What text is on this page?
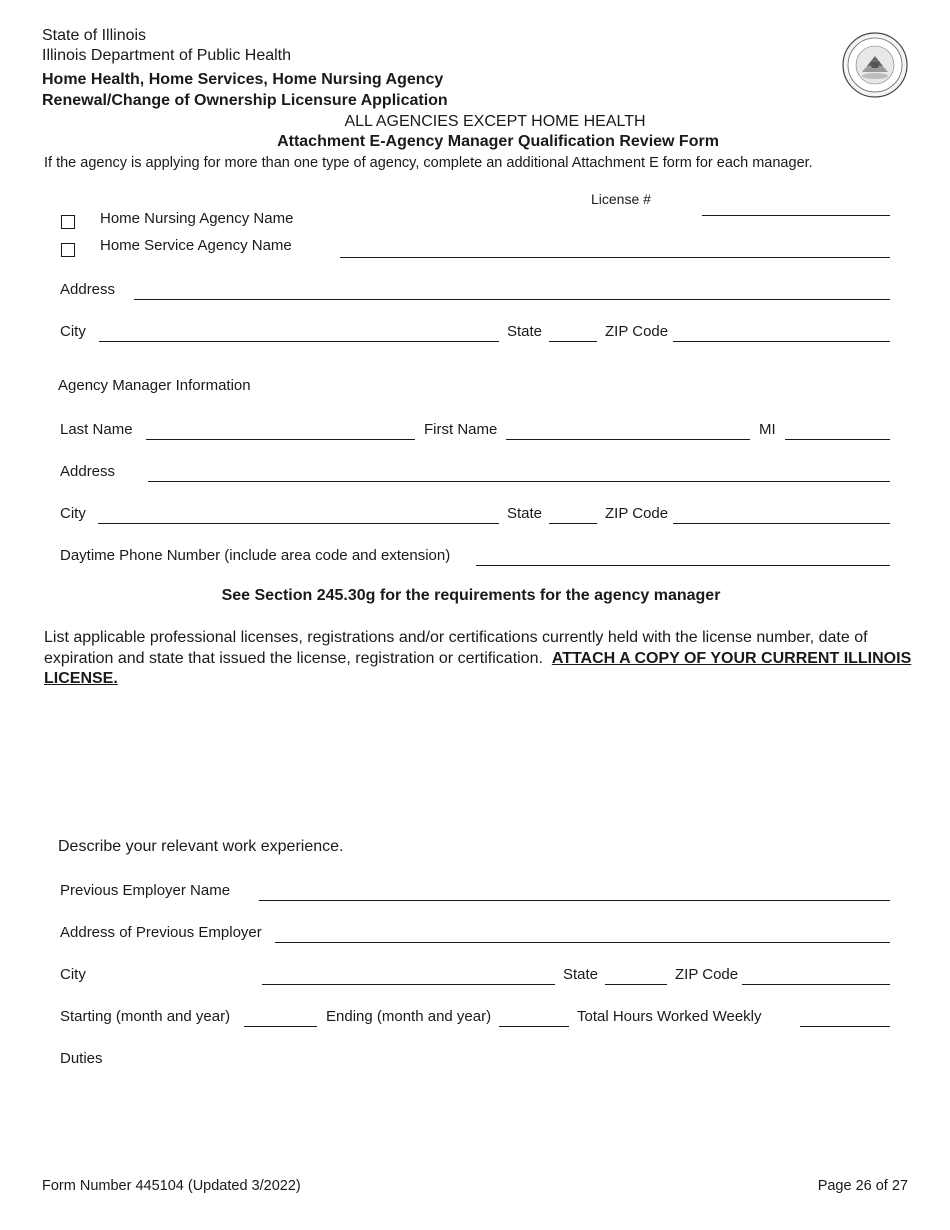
State of Illinois
Illinois Department of Public Health
Home Health, Home Services, Home Nursing Agency
Renewal/Change of Ownership Licensure Application
ALL AGENCIES EXCEPT HOME HEALTH
Attachment E-Agency Manager Qualification Review Form
If the agency is applying for more than one type of agency, complete an additional Attachment E form for each manager.
License #
Home Nursing Agency Name
Home Service Agency Name
Address
City	State	ZIP Code
Agency Manager Information
Last Name	First Name	MI
Address
City	State	ZIP Code
Daytime Phone Number (include area code and extension)
See Section 245.30g for the requirements for the agency manager
List applicable professional licenses, registrations and/or certifications currently held with the license number, date of expiration and state that issued the license, registration or certification. ATTACH A COPY OF YOUR CURRENT ILLINOIS LICENSE.
Describe your relevant work experience.
Previous Employer Name
Address of Previous Employer
City	State	ZIP Code
Starting (month and year)	Ending (month and year)	Total Hours Worked Weekly
Duties
Form Number 445104 (Updated 3/2022)	Page 26 of 27
